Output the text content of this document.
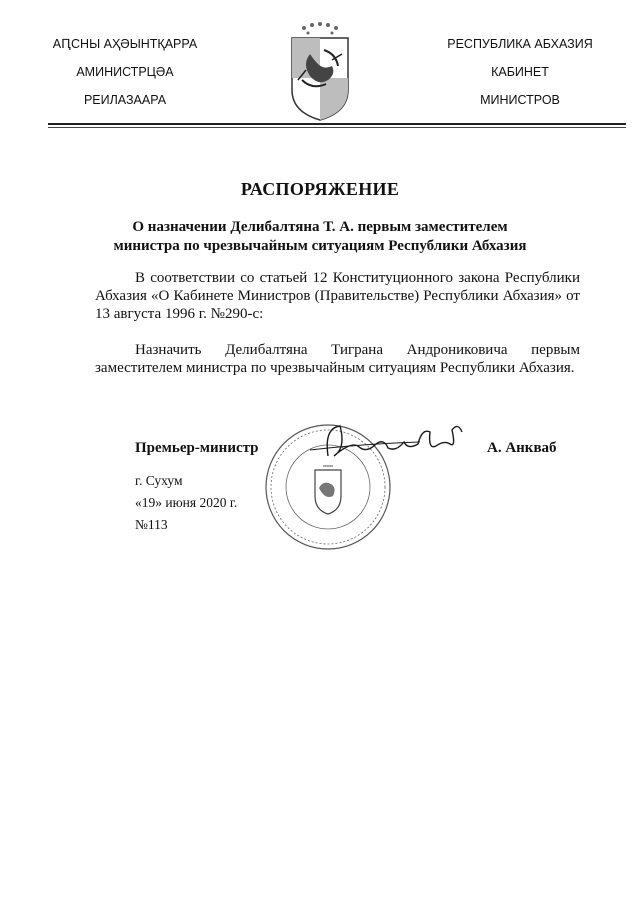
АԤСНЫ АҲӘЫНТҚАРРА
АМИНИСТРЦӘА
РЕИЛАЗААРА
РЕСПУБЛИКА АБХАЗИЯ
КАБИНЕТ
МИНИСТРОВ
РАСПОРЯЖЕНИЕ
О назначении Делибалтяна Т. А. первым заместителем
министра по чрезвычайным ситуациям Республики Абхазия
В соответствии со статьей 12 Конституционного закона Республики Абхазия «О Кабинете Министров (Правительстве) Республики Абхазия» от 13 августа 1996 г. №290-с:
Назначить Делибалтяна Тиграна Андрониковича первым заместителем министра по чрезвычайным ситуациям Республики Абхазия.
Премьер-министр	А. Анкваб
г. Сухум
«19» июня 2020 г.
№113
